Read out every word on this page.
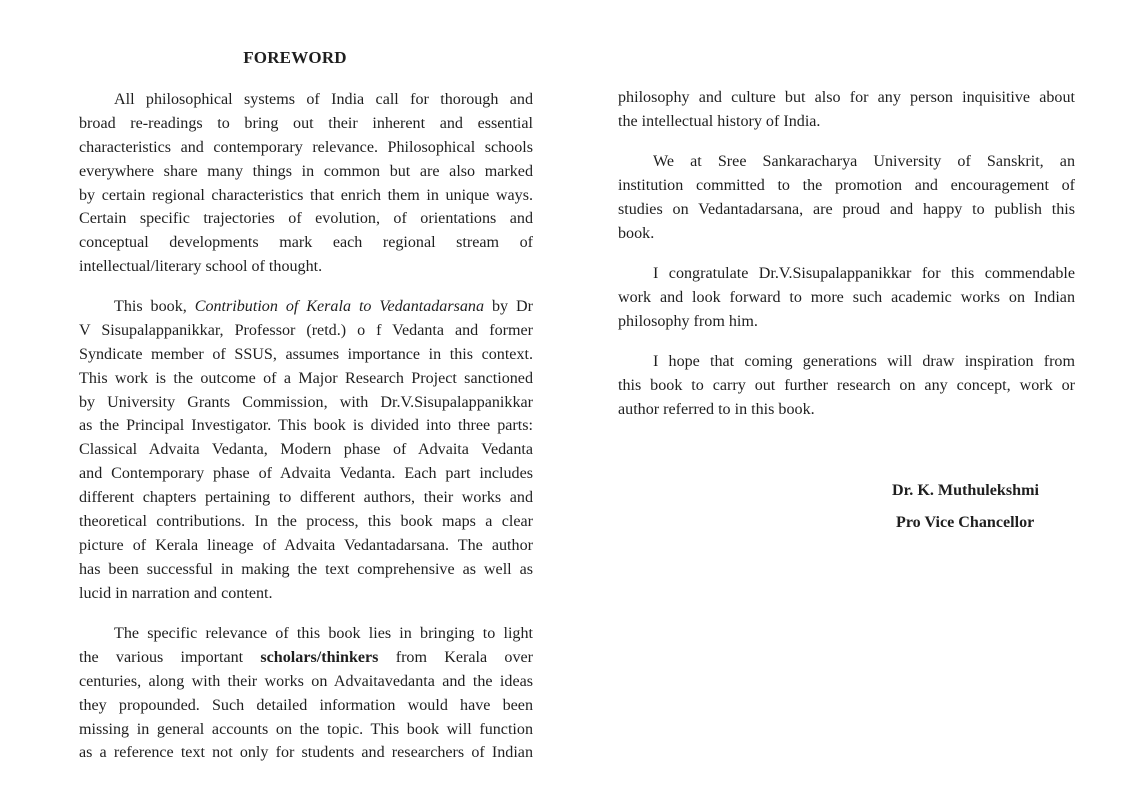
FOREWORD
All philosophical systems of India call for thorough and
broad re-readings to bring out their inherent and essential
characteristics and contemporary relevance. Philosophical schools
everywhere share many things in common but are also marked
by certain regional characteristics that enrich them in unique ways.
Certain specific trajectories of evolution, of orientations and
conceptual developments mark each regional stream of
intellectual/literary school of thought.
This book, Contribution of Kerala to Vedantadarsana by Dr
V Sisupalappanikkar, Professor (retd.) o f Vedanta and former
Syndicate member of SSUS, assumes importance in this context.
This work is the outcome of a Major Research Project sanctioned
by University Grants Commission, with Dr.V.Sisupalappanikkar
as the Principal Investigator. This book is divided into three parts:
Classical Advaita Vedanta, Modern phase of Advaita Vedanta
and Contemporary phase of Advaita Vedanta. Each part includes
different chapters pertaining to different authors, their works and
theoretical contributions. In the process, this book maps a clear
picture of Kerala lineage of Advaita Vedantadarsana. The author
has been successful in making the text comprehensive as well as
lucid in narration and content.
The specific relevance of this book lies in bringing to light
the various important scholars/thinkers from Kerala over
centuries, along with their works on Advaitavedanta and the ideas
they propounded. Such detailed information would have been
missing in general accounts on the topic. This book will function
as a reference text not only for students and researchers of Indian
philosophy and culture but also for any person inquisitive about
the intellectual history of India.
We at Sree Sankaracharya University of Sanskrit, an
institution committed to the promotion and encouragement of
studies on Vedantadarsana, are proud and happy to publish this
book.
I congratulate Dr.V.Sisupalappanikkar for this commendable
work and look forward to more such academic works on Indian
philosophy from him.
I hope that coming generations will draw inspiration from
this book to carry out further research on any concept, work or
author referred to in this book.
Dr. K. Muthulekshmi
Pro Vice Chancellor
